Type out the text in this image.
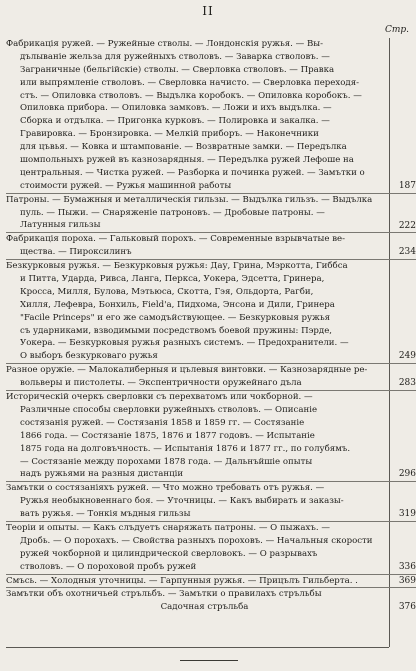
II
Стр.
Фабрикація ружей. — Ружейные стволы. — Лондонскія ружья. — Вы-
дълываніе жельза для ружейныхъ стволовъ. — Заварка стволовъ. —
Заграничные (бельгійскіе) стволы. — Сверловка стволовъ. — Правка
или выпрямленіе стволовъ. — Сверловка начисто. — Сверловка переходя-
стъ. — Опиловка стволовъ. — Выдълка коробокъ. — Опиловка коробокъ. —
Опиловка прибора. — Опиловка замковъ. — Ложи и ихъ выдълка. —
Сборка и отдълка. — Пригонка курковъ. — Полировка и закалка. —
Гравировка. — Бронзировка. — Мелкій приборъ. — Наконечники
для цъвья. — Ковка и штампованіе. — Возвратные замки. — Передълка
шомпольныхъ ружей въ казнозарядныя. — Передълка ружей Лефоше на
центральныя. — Чистка ружей. — Разборка и починка ружей. — Замътки о
стоимости ружей. — Ружья машинной работы	187
Патроны. — Бумажныя и металлическія гильзы. — Выдълка гильзъ. — Выдълка
пуль. — Пыжи. — Снаряженіе патроновъ. — Дробовые патроны. —
Латунныя гильзы	222
Фабрикація пороха. — Гальковый порохъ. — Современные взрывчатые ве-
щества. — Пироксилинъ	234
Безкурковыя ружья. — Безкурковыя ружья: Дау, Грина, Мэркотта, Гиббса
и Питта, Ударда, Ривса, Ланга, Перкса, Уокера, Эдсетта, Гринера,
Кросса, Милля, Булова, Мэтьюса, Скотта, Гэя, Ольдорта, Рагби,
Хилля, Лефевра, Бонхиль, Field'а, Пидхома, Энсона и Дили, Гринера
"Facile Princeps" и его же самодъйствующее. — Безкурковыя ружья
съ ударниками, взводимыми посредствомъ боевой пружины: Пэрде,
Уокера. — Безкурковыя ружья разныхъ системъ. — Предохранители. —
О выборъ безкурковаго ружья	249
Разное оружіе. — Малокалиберныя и цълевыя винтовки. — Казнозарядные ре-
вольверы и пистолеты. — Экспентричности оружейнаго дъла	283
Историческій очеркъ сверловки съ перехватомъ или чокборной. —
Различные способы сверловки ружейныхъ стволовъ. — Описаніе
состязанія ружей. — Состязанія 1858 и 1859 гг. — Состязаніе
1866 года. — Состязаніе 1875, 1876 и 1877 годовъ. — Испытаніе
1875 года на долговъчность. — Испытанія 1876 и 1877 гг., по голубямъ.
— Состязаніе между порохами 1878 года. — Дальнъйшіе опыты
надъ ружьями на разныя дистанціи	296
Замътки о состязаніяхъ ружей. — Что можно требовать отъ ружья. —
Ружья необыкновеннаго боя. — Уточницы. — Какъ выбирать и заказы-
вать ружья. — Тонкія мъдныя гильзы	319
Теоріи и опыты. — Какъ слъдуетъ снаряжать патроны. — О пыжахъ. —
Дробь. — О порохахъ. — Свойства разныхъ пороховъ. — Начальныя скорости
ружей чокборной и цилиндрической сверловокъ. — О разрывахъ
стволовъ. — О пороховой пробъ ружей	336
Смъсь. — Холодныя уточницы. — Гарпунныя ружья. — Прицълъ Гильберта. .	369
Замътки объ охотничьей стръльбъ. — Замътки о правилахъ стръльбы
Садочная стръльба	376
